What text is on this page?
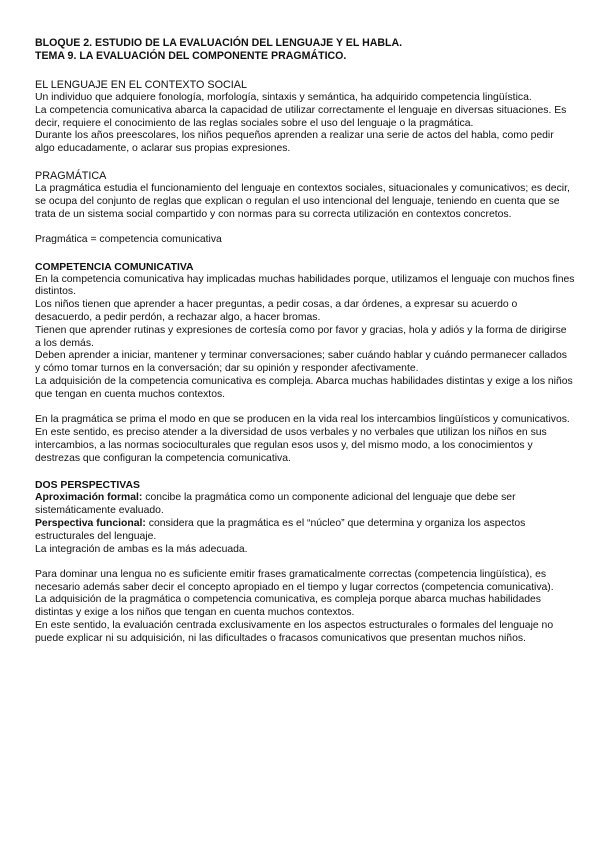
BLOQUE 2. ESTUDIO DE LA EVALUACIÓN DEL LENGUAJE Y EL HABLA.

TEMA 9. LA EVALUACIÓN DEL COMPONENTE PRAGMÁTICO.

EL LENGUAJE EN EL CONTEXTO SOCIAL

Un individuo que adquiere fonología, morfología, sintaxis y semántica, ha adquirido competencia lingüística.

La competencia comunicativa abarca la capacidad de utilizar correctamente el lenguaje en diversas situaciones. Es decir, requiere el conocimiento de las reglas sociales sobre el uso del lenguaje o la pragmática.

Durante los años preescolares, los niños pequeños aprenden a realizar una serie de actos del habla, como pedir algo educadamente, o aclarar sus propias expresiones.

PRAGMÁTICA

La pragmática estudia el funcionamiento del lenguaje en contextos sociales, situacionales y comunicativos; es decir, se ocupa del conjunto de reglas que explican o regulan el uso intencional del lenguaje, teniendo en cuenta que se trata de un sistema social compartido y con normas para su correcta utilización en contextos concretos.

Pragmática = competencia comunicativa

COMPETENCIA COMUNICATIVA

En la competencia comunicativa hay implicadas muchas habilidades porque, utilizamos el lenguaje con muchos fines distintos.

Los niños tienen que aprender a hacer preguntas, a pedir cosas, a dar órdenes, a expresar su acuerdo o desacuerdo, a pedir perdón, a rechazar algo, a hacer bromas.

Tienen que aprender rutinas y expresiones de cortesía como por favor y gracias, hola y adiós y la forma de dirigirse a los demás.

Deben aprender a iniciar, mantener y terminar conversaciones; saber cuándo hablar y cuándo permanecer callados y cómo tomar turnos en la conversación; dar su opinión y responder afectivamente.

La adquisición de la competencia comunicativa es compleja. Abarca muchas habilidades distintas y exige a los niños que tengan en cuenta muchos contextos.

En la pragmática se prima el modo en que se producen en la vida real los intercambios lingüísticos y comunicativos.

En este sentido, es preciso atender a la diversidad de usos verbales y no verbales que utilizan los niños en sus intercambios, a las normas socioculturales que regulan esos usos y, del mismo modo, a los conocimientos y destrezas que configuran la competencia comunicativa.

DOS PERSPECTIVAS

Aproximación formal: concibe la pragmática como un componente adicional del lenguaje que debe ser sistemáticamente evaluado.

Perspectiva funcional: considera que la pragmática es el “núcleo” que determina y organiza los aspectos estructurales del lenguaje.

La integración de ambas es la más adecuada.

Para dominar una lengua no es suficiente emitir frases gramaticalmente correctas (competencia lingüística), es necesario además saber decir el concepto apropiado en el tiempo y lugar correctos (competencia comunicativa).

La adquisición de la pragmática o competencia comunicativa, es compleja porque abarca muchas habilidades distintas y exige a los niños que tengan en cuenta muchos contextos.

En este sentido, la evaluación centrada exclusivamente en los aspectos estructurales o formales del lenguaje no puede explicar ni su adquisición, ni las dificultades o fracasos comunicativos que presentan muchos niños.
